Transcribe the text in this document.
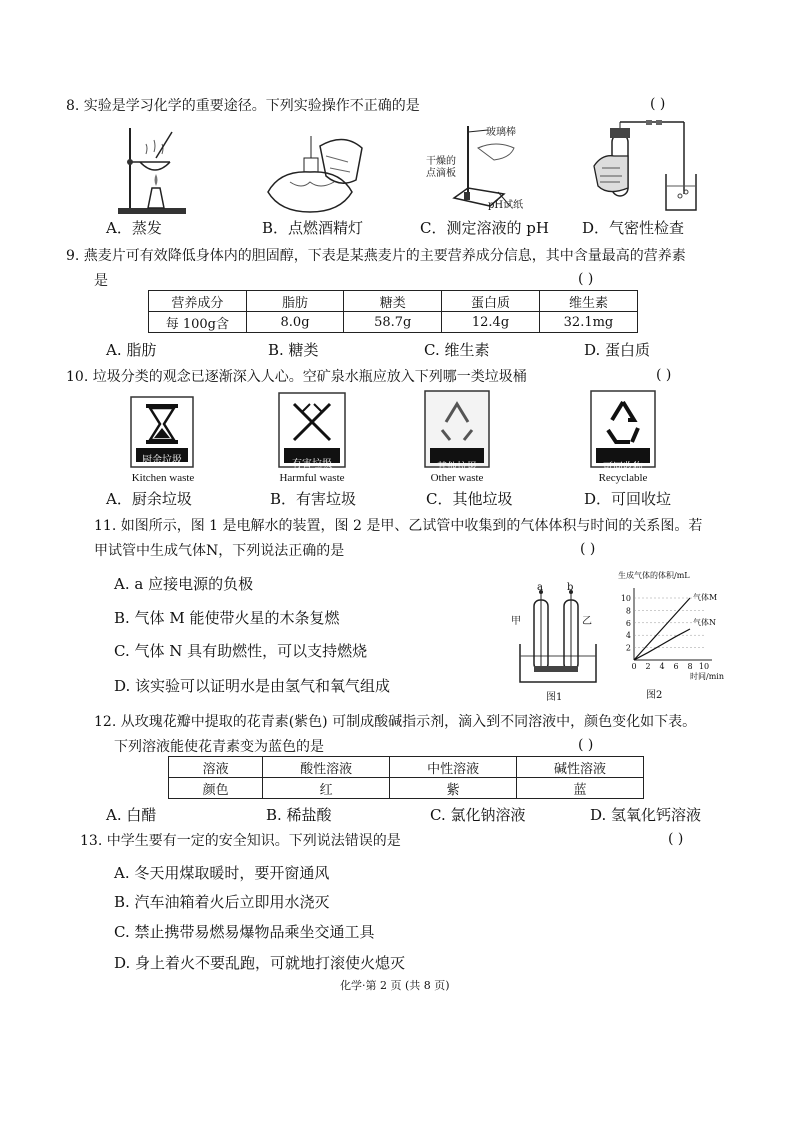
8. 实验是学习化学的重要途径。下列实验操作不正确的是	( )
A．蒸发	B．点燃酒精灯
玻璃棒
干燥的
点滴板
pH试纸
C．测定溶液的 pH D．气密性检查
9. 燕麦片可有效降低身体内的胆固醇，下表是某燕麦片的主要营养成分信息，其中含量最高的营养素
是	( )
营养成分	脂肪	糖类	蛋白质	维生素
每 100g含	8.0g	58.7g	12.4g	32.1mg
A. 脂肪	B. 糖类	C. 维生素	D. 蛋白质
10. 垃圾分类的观念已逐渐深入人心。空矿泉水瓶应放入下列哪一类垃圾桶	( )
厨余垃圾
Kitchen waste
有害垃圾
Harmful waste
其他垃圾
Other waste
可回收物
Recyclable
A．厨余垃圾	B．有害垃圾	C．其他垃圾	D．可回收垃
11. 如图所示，图 1 是电解水的装置，图 2 是甲、乙试管中收集到的气体体积与时间的关系图。若
甲试管中生成气体N，下列说法正确的是	( )
A. a 应接电源的负极
B. 气体 M 能使带火星的木条复燃
C. 气体 N 具有助燃性，可以支持燃烧
D. 该实验可以证明水是由氢气和氧气组成
a b
甲	乙
图1
2
4
6
8
10
0 2 4 6 8 10
气体M
气体N
生成气体的体积/mL
时间/min
图2
12. 从玫瑰花瓣中提取的花青素(紫色) 可制成酸碱指示剂，滴入到不同溶液中，颜色变化如下表。
下列溶液能使花青素变为蓝色的是	( )
溶液	酸性溶液	中性溶液	碱性溶液
颜色	红	紫	蓝
A. 白醋	B. 稀盐酸	C. 氯化钠溶液	D. 氢氧化钙溶液
13. 中学生要有一定的安全知识。下列说法错误的是	( )
A. 冬天用煤取暖时，要开窗通风
B. 汽车油箱着火后立即用水浇灭
C. 禁止携带易燃易爆物品乘坐交通工具
D. 身上着火不要乱跑，可就地打滚使火熄灭
化学·第 2 页 (共 8 页)
